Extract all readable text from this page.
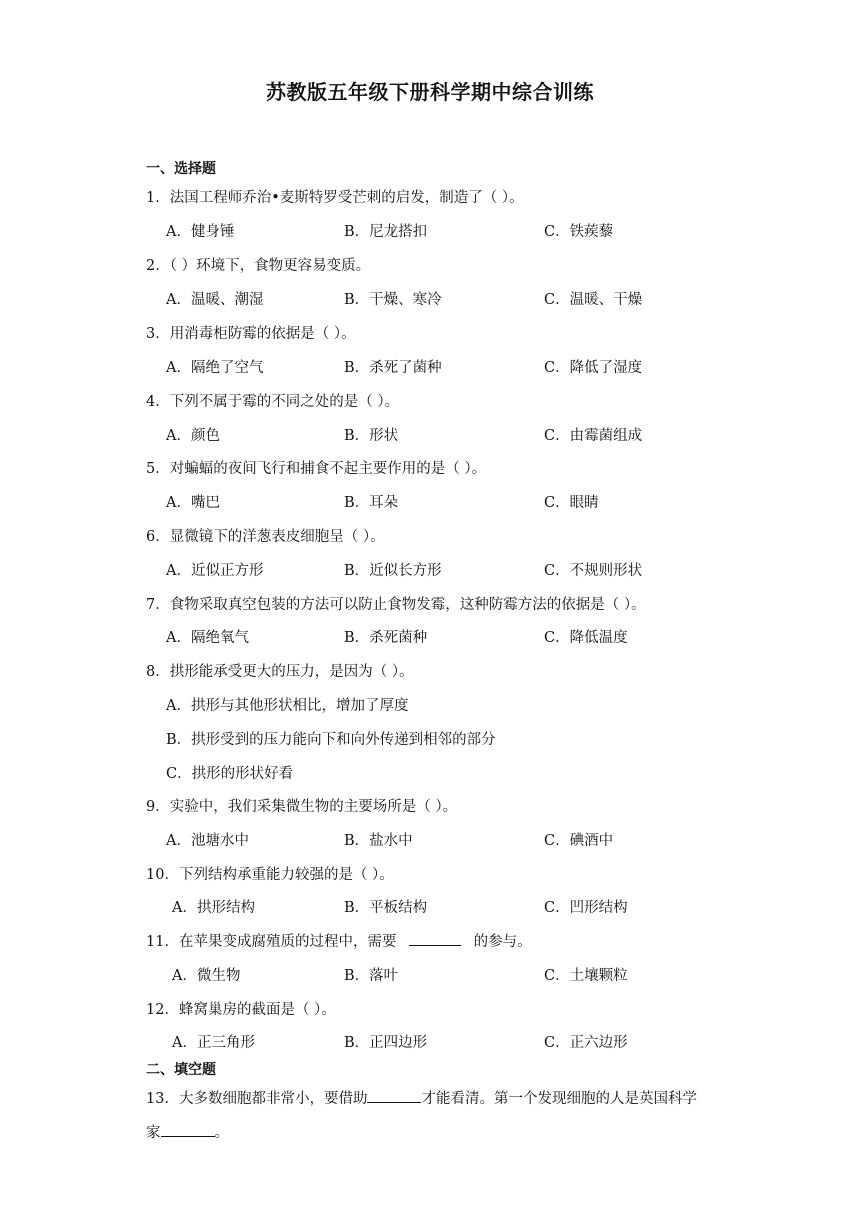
苏教版五年级下册科学期中综合训练
一、选择题
1．法国工程师乔治•麦斯特罗受芒刺的启发，制造了（ ）。
A．健身锤	B．尼龙搭扣	C．铁蒺藜
2．（ ）环境下，食物更容易变质。
A．温暖、潮湿	B．干燥、寒冷	C．温暖、干燥
3．用消毒柜防霉的依据是（ ）。
A．隔绝了空气	B．杀死了菌种	C．降低了湿度
4．下列不属于霉的不同之处的是（ ）。
A．颜色	B．形状	C．由霉菌组成
5．对蝙蝠的夜间飞行和捕食不起主要作用的是（ ）。
A．嘴巴	B．耳朵	C．眼睛
6．显微镜下的洋葱表皮细胞呈（ ）。
A．近似正方形	B．近似长方形	C．不规则形状
7．食物采取真空包装的方法可以防止食物发霉，这种防霉方法的依据是（ ）。
A．隔绝氧气	B．杀死菌种	C．降低温度
8．拱形能承受更大的压力，是因为（ ）。
A．拱形与其他形状相比，增加了厚度
B．拱形受到的压力能向下和向外传递到相邻的部分
C．拱形的形状好看
9．实验中，我们采集微生物的主要场所是（ ）。
A．池塘水中	B．盐水中	C．碘酒中
10．下列结构承重能力较强的是（ ）。
A．拱形结构	B．平板结构	C．凹形结构
11．在苹果变成腐殖质的过程中，需要	的参与。
A．微生物	B．落叶	C．土壤颗粒
12．蜂窝巢房的截面是（ ）。
A．正三角形	B．正四边形	C．正六边形
二、填空题
13．大多数细胞都非常小，要借助	才能看清。第一个发现细胞的人是英国科学
家	。
